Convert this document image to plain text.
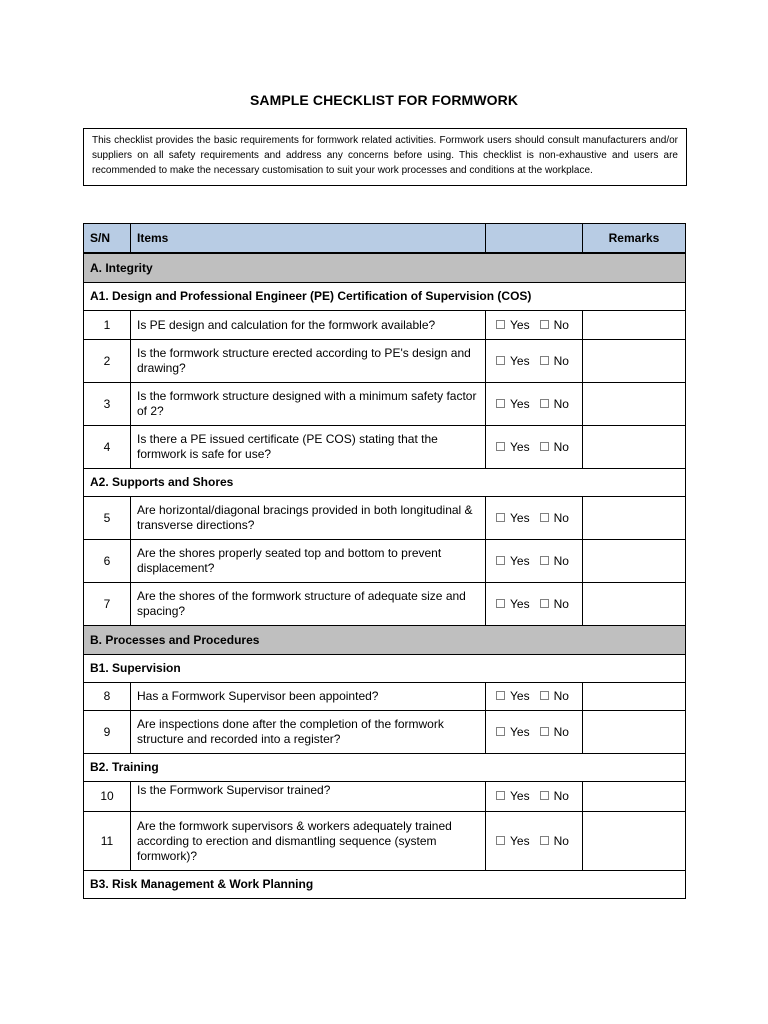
SAMPLE CHECKLIST FOR FORMWORK
This checklist provides the basic requirements for formwork related activities. Formwork users should consult manufacturers and/or suppliers on all safety requirements and address any concerns before using. This checklist is non-exhaustive and users are recommended to make the necessary customisation to suit your work processes and conditions at the workplace.
S/N	Items		Remarks
A. Integrity			
A1. Design and Professional Engineer (PE) Certification of Supervision (COS)			
1	Is PE design and calculation for the formwork available?	Yes No	
2	Is the formwork structure erected according to PE's design and drawing?	Yes No	
3	Is the formwork structure designed with a minimum safety factor of 2?	Yes No	
4	Is there a PE issued certificate (PE COS) stating that the formwork is safe for use?	Yes No	
A2. Supports and Shores			
5	Are horizontal/diagonal bracings provided in both longitudinal & transverse directions?	Yes No	
6	Are the shores properly seated top and bottom to prevent displacement?	Yes No	
7	Are the shores of the formwork structure of adequate size and spacing?	Yes No	
B. Processes and Procedures			
B1. Supervision			
8	Has a Formwork Supervisor been appointed?	Yes No	
9	Are inspections done after the completion of the formwork structure and recorded into a register?	Yes No	
B2. Training			
10	Is the Formwork Supervisor trained?	Yes No	
11	Are the formwork supervisors & workers adequately trained according to erection and dismantling sequence (system formwork)?	Yes No	
B3. Risk Management & Work Planning			
